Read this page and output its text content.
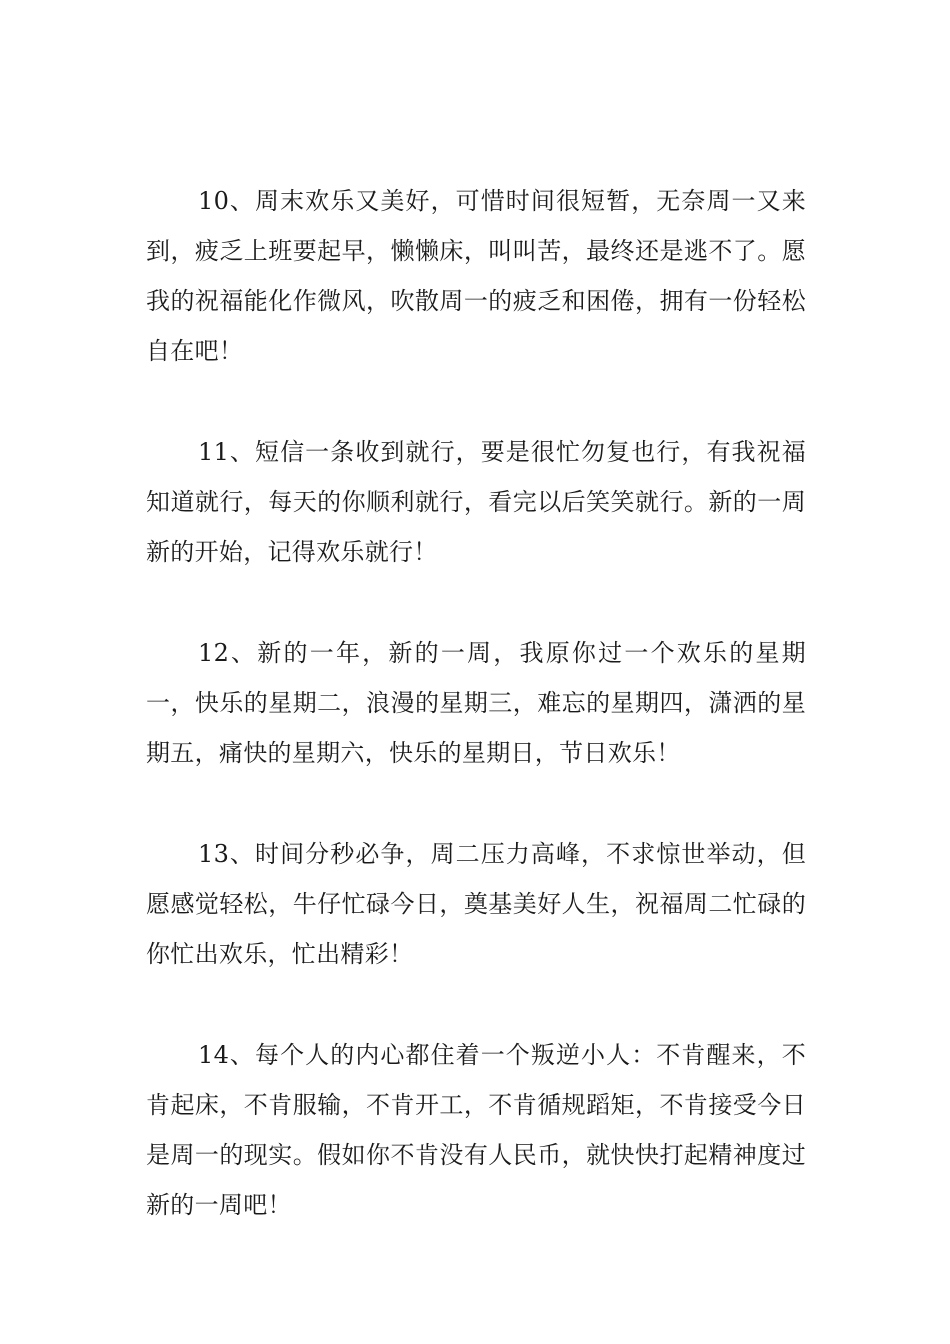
10、周末欢乐又美好，可惜时间很短暂，无奈周一又来到，疲乏上班要起早，懒懒床，叫叫苦，最终还是逃不了。愿我的祝福能化作微风，吹散周一的疲乏和困倦，拥有一份轻松自在吧！

11、短信一条收到就行，要是很忙勿复也行，有我祝福知道就行，每天的你顺利就行，看完以后笑笑就行。新的一周新的开始，记得欢乐就行！

12、新的一年，新的一周，我原你过一个欢乐的星期一，快乐的星期二，浪漫的星期三，难忘的星期四，潇洒的星期五，痛快的星期六，快乐的星期日，节日欢乐！

13、时间分秒必争，周二压力高峰，不求惊世举动，但愿感觉轻松，牛仔忙碌今日，奠基美好人生，祝福周二忙碌的你忙出欢乐，忙出精彩！

14、每个人的内心都住着一个叛逆小人：不肯醒来，不肯起床，不肯服输，不肯开工，不肯循规蹈矩，不肯接受今日是周一的现实。假如你不肯没有人民币，就快快打起精神度过新的一周吧！
